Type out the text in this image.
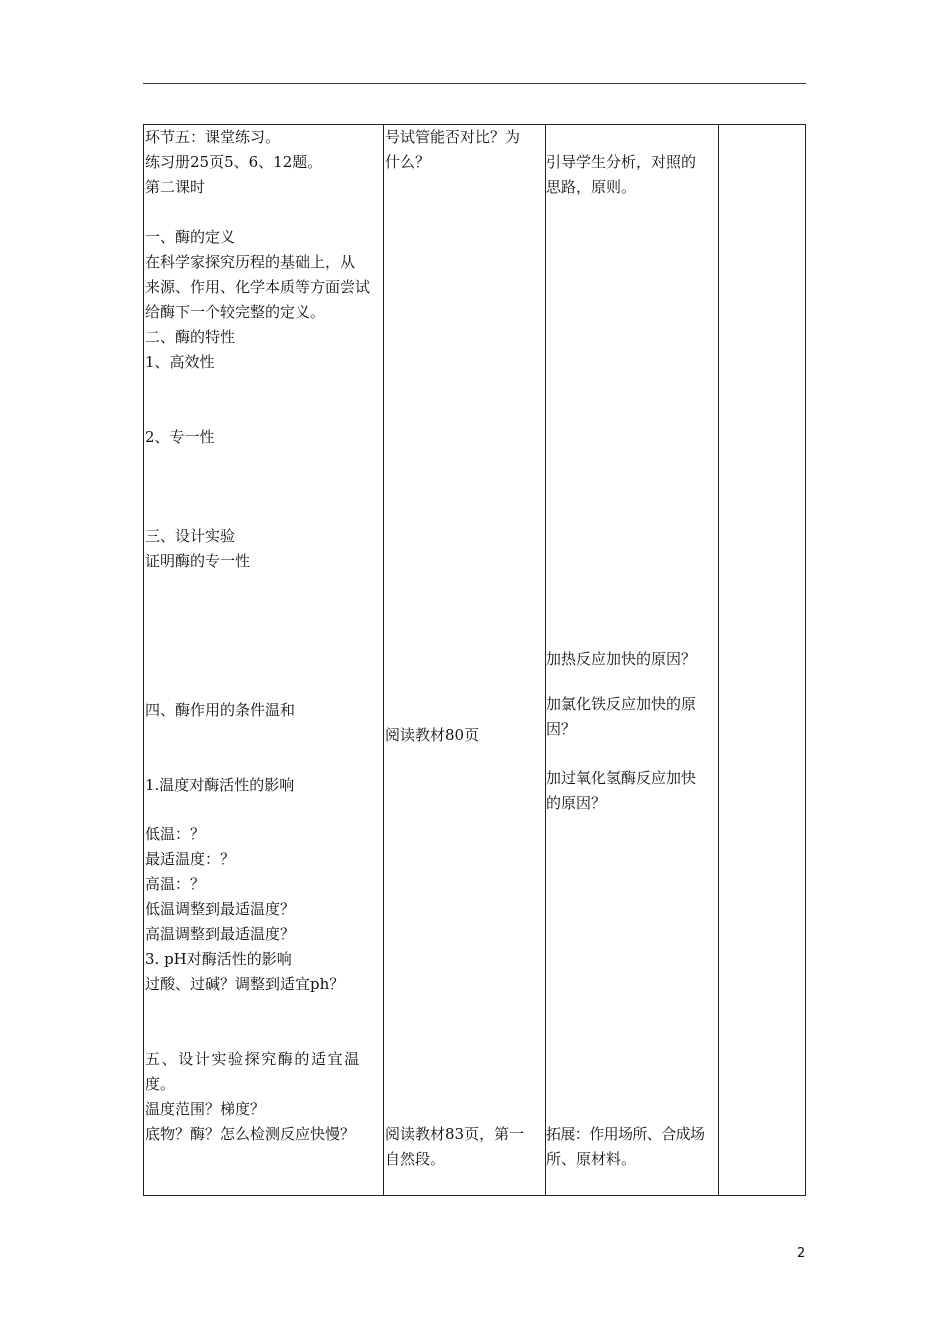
环节五：课堂练习。
练习册25页5、6、12题。
第二课时
一、酶的定义
在科学家探究历程的基础上，从
来源、作用、化学本质等方面尝试
给酶下一个较完整的定义。
二、酶的特性
1、高效性
2、专一性
三、设计实验
证明酶的专一性
四、酶作用的条件温和
1.温度对酶活性的影响
低温：？
最适温度：？
高温：？
低温调整到最适温度？
高温调整到最适温度？
3. pH对酶活性的影响
过酸、过碱？调整到适宜ph？
五、设计实验探究酶的适宜温
度。
温度范围？梯度？
底物？酶？怎么检测反应快慢？
号试管能否对比？为
什么？
阅读教材80页
阅读教材83页，第一
自然段。
引导学生分析，对照的
思路，原则。
加热反应加快的原因？
加氯化铁反应加快的原
因？
加过氧化氢酶反应加快
的原因？
拓展：作用场所、合成场
所、原材料。
2
